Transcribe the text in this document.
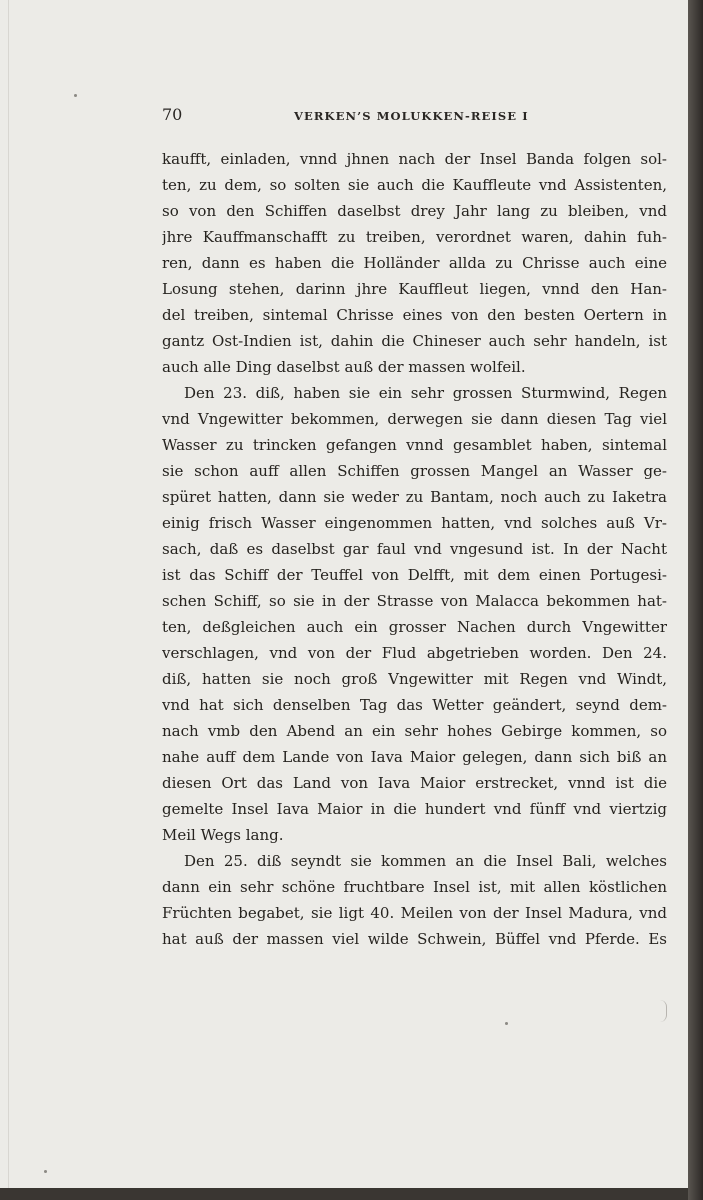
70	VERKEN’S MOLUKKEN-REISE I
kaufft, einladen, vnnd jhnen nach der Insel Banda folgen sol-
ten, zu dem, so solten sie auch die Kauffleute vnd Assistenten,
so von den Schiffen daselbst drey Jahr lang zu bleiben, vnd
jhre Kauffmanschafft zu treiben, verordnet waren, dahin fuh-
ren, dann es haben die Holländer allda zu Chrisse auch eine
Losung stehen, darinn jhre Kauffleut liegen, vnnd den Han-
del treiben, sintemal Chrisse eines von den besten Oertern in
gantz Ost-Indien ist, dahin die Chineser auch sehr handeln, ist
auch alle Ding daselbst auß der massen wolfeil.
Den 23. diß, haben sie ein sehr grossen Sturmwind, Regen
vnd Vngewitter bekommen, derwegen sie dann diesen Tag viel
Wasser zu trincken gefangen vnnd gesamblet haben, sintemal
sie schon auff allen Schiffen grossen Mangel an Wasser ge-
spüret hatten, dann sie weder zu Bantam, noch auch zu Iaketra
einig frisch Wasser eingenommen hatten, vnd solches auß Vr-
sach, daß es daselbst gar faul vnd vngesund ist. In der Nacht
ist das Schiff der Teuffel von Delfft, mit dem einen Portugesi-
schen Schiff, so sie in der Strasse von Malacca bekommen hat-
ten, deßgleichen auch ein grosser Nachen durch Vngewitter
verschlagen, vnd von der Flud abgetrieben worden. Den 24.
diß, hatten sie noch groß Vngewitter mit Regen vnd Windt,
vnd hat sich denselben Tag das Wetter geändert, seynd dem-
nach vmb den Abend an ein sehr hohes Gebirge kommen, so
nahe auff dem Lande von Iava Maior gelegen, dann sich biß an
diesen Ort das Land von Iava Maior erstrecket, vnnd ist die
gemelte Insel Iava Maior in die hundert vnd fünff vnd viertzig
Meil Wegs lang.
Den 25. diß seyndt sie kommen an die Insel Bali, welches
dann ein sehr schöne fruchtbare Insel ist, mit allen köstlichen
Früchten begabet, sie ligt 40. Meilen von der Insel Madura, vnd
hat auß der massen viel wilde Schwein, Büffel vnd Pferde. Es
